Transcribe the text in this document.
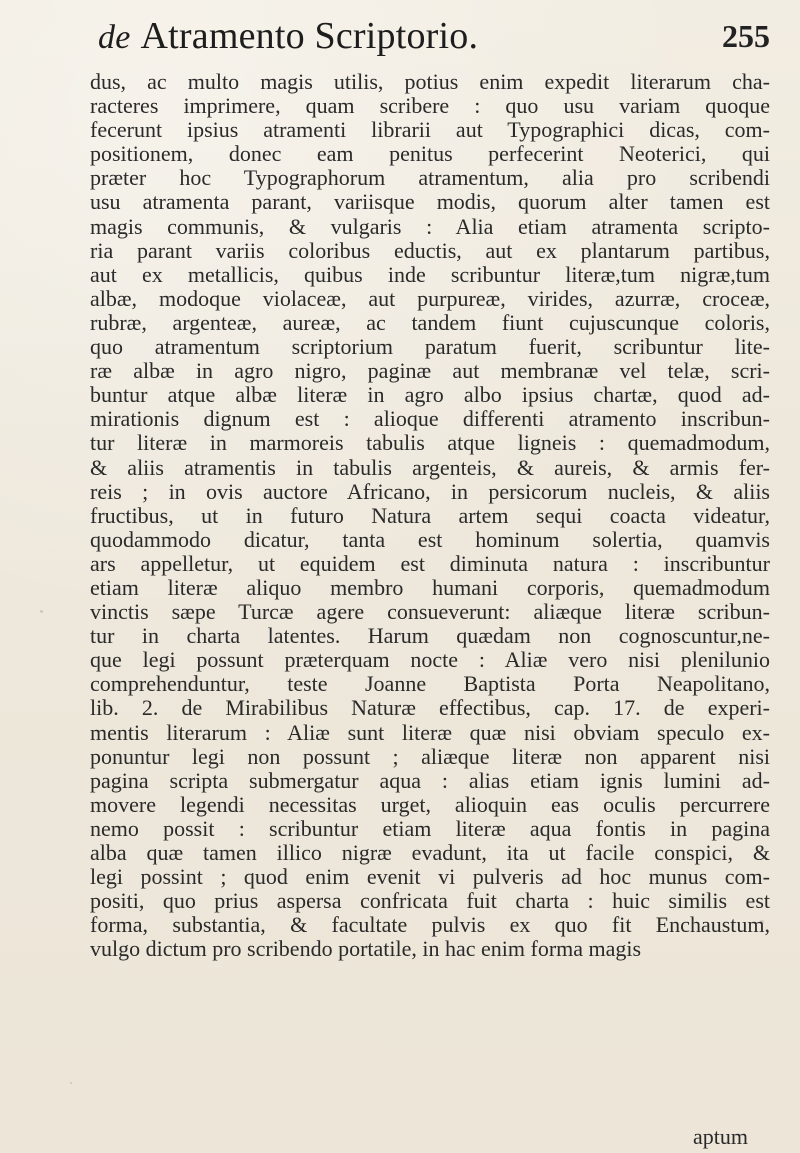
de Atramento Scriptorio.	255
dus, ac multo magis utilis, potius enim expedit literarum cha-
racteres imprimere, quam scribere : quo usu variam quoque
fecerunt ipsius atramenti librarii aut Typographici dicas, com-
positionem, donec eam penitus perfecerint Neoterici, qui
præter hoc Typographorum atramentum, alia pro scribendi
usu atramenta parant, variisque modis, quorum alter tamen est
magis communis, & vulgaris : Alia etiam atramenta scripto-
ria parant variis coloribus eductis, aut ex plantarum partibus,
aut ex metallicis, quibus inde scribuntur literæ,tum nigræ,tum
albæ, modoque violaceæ, aut purpureæ, virides, azurræ, croceæ,
rubræ, argenteæ, aureæ, ac tandem fiunt cujuscunque coloris,
quo atramentum scriptorium paratum fuerit, scribuntur lite-
ræ albæ in agro nigro, paginæ aut membranæ vel telæ, scri-
buntur atque albæ literæ in agro albo ipsius chartæ, quod ad-
mirationis dignum est : alioque differenti atramento inscribun-
tur literæ in marmoreis tabulis atque ligneis : quemadmodum,
& aliis atramentis in tabulis argenteis, & aureis, & armis fer-
reis ; in ovis auctore Africano, in persicorum nucleis, & aliis
fructibus, ut in futuro Natura artem sequi coacta videatur,
quodammodo dicatur, tanta est hominum solertia, quamvis
ars appelletur, ut equidem est diminuta natura : inscribuntur
etiam literæ aliquo membro humani corporis, quemadmodum
vinctis sæpe Turcæ agere consueverunt: aliæque literæ scribun-
tur in charta latentes. Harum quædam non cognoscuntur,ne-
que legi possunt præterquam nocte : Aliæ vero nisi plenilunio
comprehenduntur, teste Joanne Baptista Porta Neapolitano,
lib. 2. de Mirabilibus Naturæ effectibus, cap. 17. de experi-
mentis literarum : Aliæ sunt literæ quæ nisi obviam speculo ex-
ponuntur legi non possunt ; aliæque literæ non apparent nisi
pagina scripta submergatur aqua : alias etiam ignis lumini ad-
movere legendi necessitas urget, alioquin eas oculis percurrere
nemo possit : scribuntur etiam literæ aqua fontis in pagina
alba quæ tamen illico nigræ evadunt, ita ut facile conspici, &
legi possint ; quod enim evenit vi pulveris ad hoc munus com-
positi, quo prius aspersa confricata fuit charta : huic similis est
forma, substantia, & facultate pulvis ex quo fit Enchaustum,
vulgo dictum pro scribendo portatile, in hac enim forma magis
aptum
